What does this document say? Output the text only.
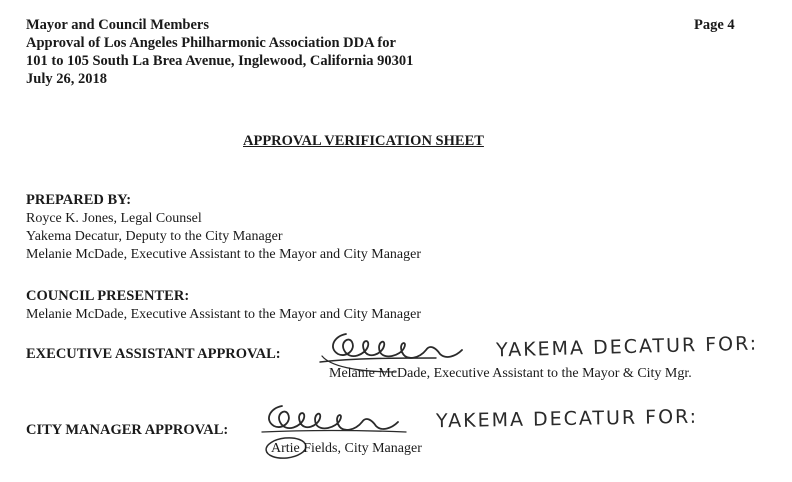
Mayor and Council Members
Approval of Los Angeles Philharmonic Association DDA for
101 to 105 South La Brea Avenue, Inglewood, California 90301
July 26, 2018
Page 4
APPROVAL VERIFICATION SHEET
PREPARED BY:
Royce K. Jones, Legal Counsel
Yakema Decatur, Deputy to the City Manager
Melanie McDade, Executive Assistant to the Mayor and City Manager
COUNCIL PRESENTER:
Melanie McDade, Executive Assistant to the Mayor and City Manager
EXECUTIVE ASSISTANT APPROVAL:	YAKEMA DECATUR FOR:
Melanie McDade, Executive Assistant to the Mayor & City Mgr.
CITY MANAGER APPROVAL:	YAKEMA DECATUR FOR:
Artie Fields, City Manager
